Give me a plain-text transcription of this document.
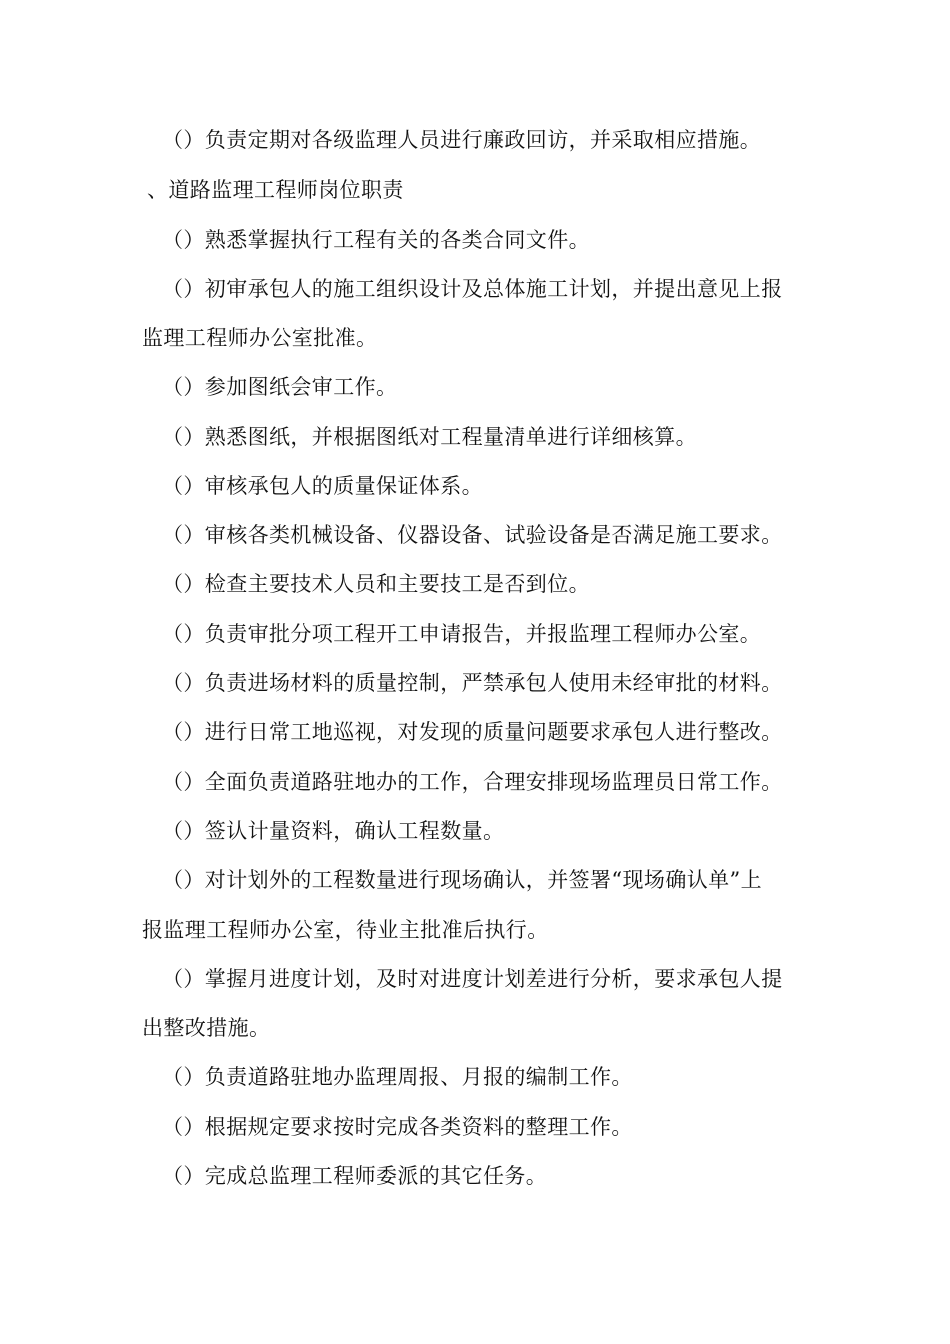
（）负责定期对各级监理人员进行廉政回访，并采取相应措施。
、道路监理工程师岗位职责
（）熟悉掌握执行工程有关的各类合同文件。
（）初审承包人的施工组织设计及总体施工计划，并提出意见上报
监理工程师办公室批准。
（）参加图纸会审工作。
（）熟悉图纸，并根据图纸对工程量清单进行详细核算。
（）审核承包人的质量保证体系。
（）审核各类机械设备、仪器设备、试验设备是否满足施工要求。
（）检查主要技术人员和主要技工是否到位。
（）负责审批分项工程开工申请报告，并报监理工程师办公室。
（）负责进场材料的质量控制，严禁承包人使用未经审批的材料。
（）进行日常工地巡视，对发现的质量问题要求承包人进行整改。
（）全面负责道路驻地办的工作，合理安排现场监理员日常工作。
（）签认计量资料，确认工程数量。
（）对计划外的工程数量进行现场确认，并签署“现场确认单”上
报监理工程师办公室，待业主批准后执行。
（）掌握月进度计划，及时对进度计划差进行分析，要求承包人提
出整改措施。
（）负责道路驻地办监理周报、月报的编制工作。
（）根据规定要求按时完成各类资料的整理工作。
（）完成总监理工程师委派的其它任务。
